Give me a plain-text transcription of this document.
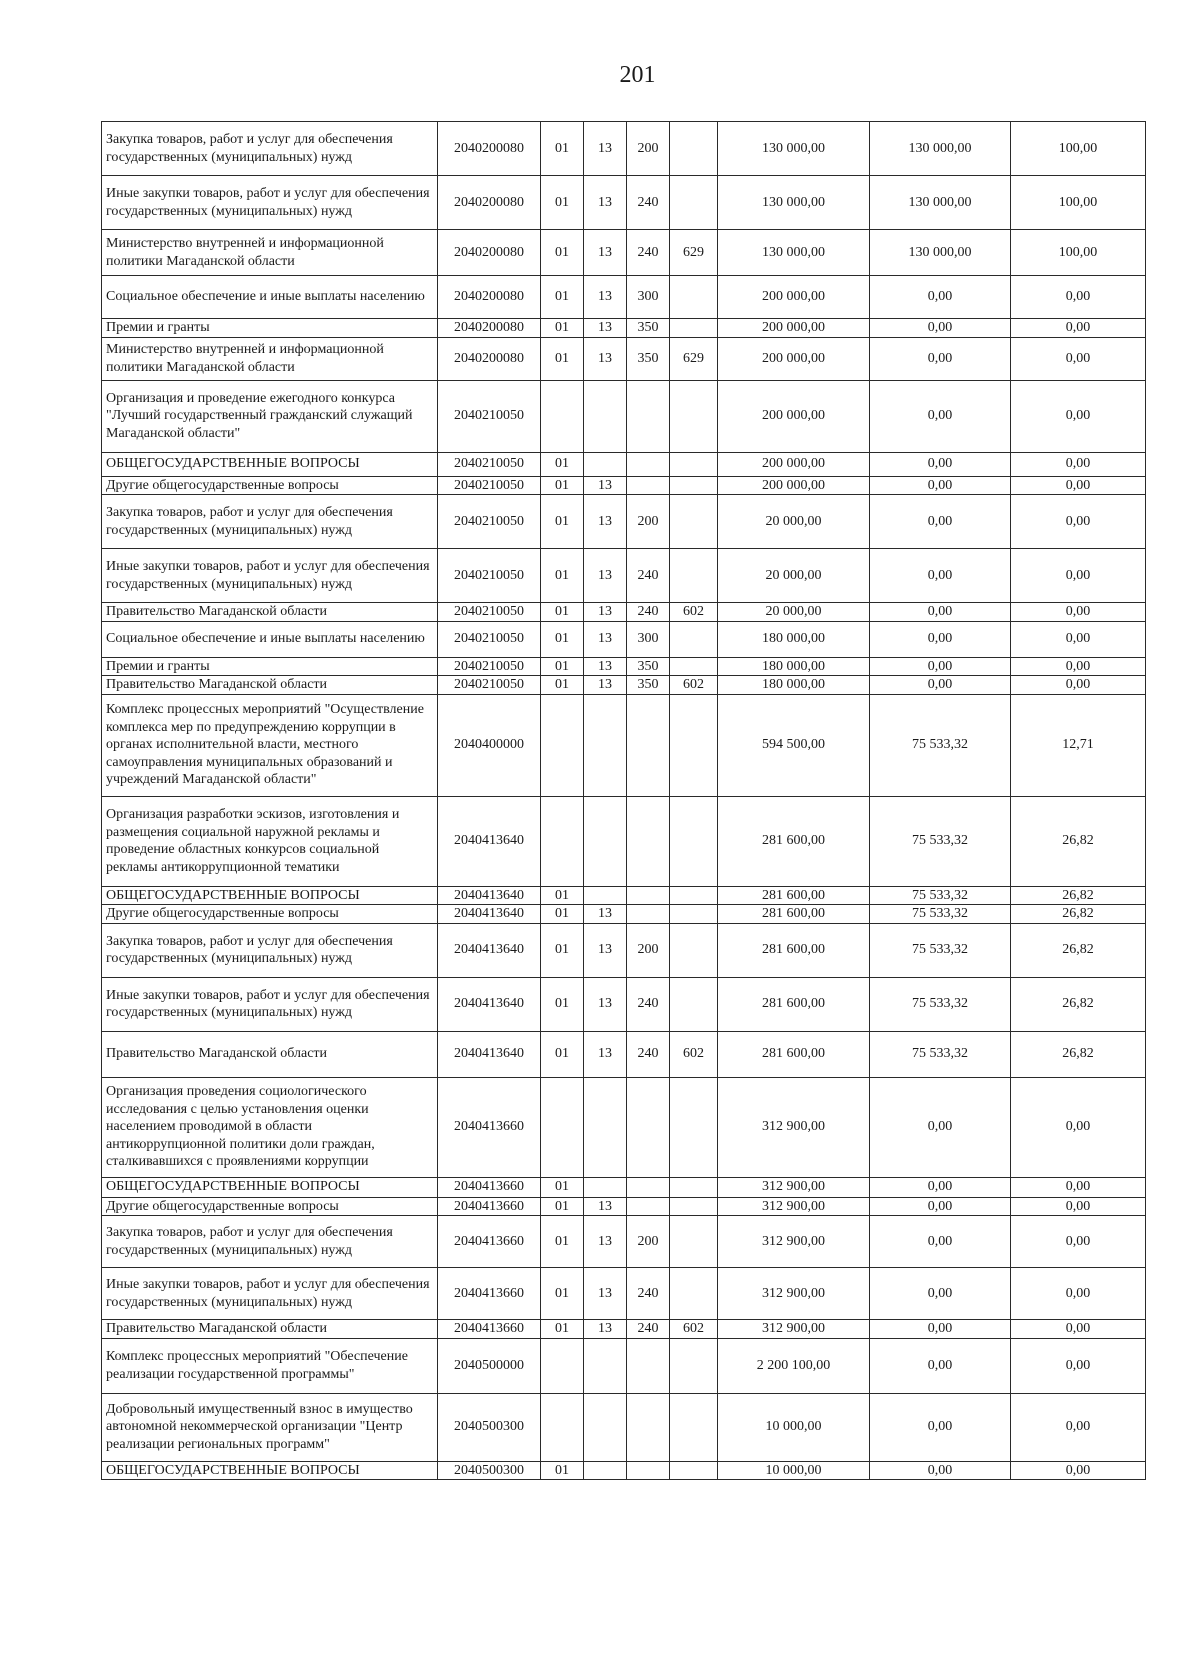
201
Закупка товаров, работ и услуг для обеспечения государственных (муниципальных) нужд	2040200080	01	13	200		130 000,00	130 000,00	100,00
Иные закупки товаров, работ и услуг для обеспечения государственных (муниципальных) нужд	2040200080	01	13	240		130 000,00	130 000,00	100,00
Министерство внутренней и информационной политики Магаданской области	2040200080	01	13	240	629	130 000,00	130 000,00	100,00
Социальное обеспечение и иные выплаты населению	2040200080	01	13	300		200 000,00	0,00	0,00
Премии и гранты	2040200080	01	13	350		200 000,00	0,00	0,00
Министерство внутренней и информационной политики Магаданской области	2040200080	01	13	350	629	200 000,00	0,00	0,00
Организация и проведение ежегодного конкурса "Лучший государственный гражданский служащий Магаданской области"	2040210050					200 000,00	0,00	0,00
ОБЩЕГОСУДАРСТВЕННЫЕ ВОПРОСЫ	2040210050	01				200 000,00	0,00	0,00
Другие общегосударственные вопросы	2040210050	01	13			200 000,00	0,00	0,00
Закупка товаров, работ и услуг для обеспечения государственных (муниципальных) нужд	2040210050	01	13	200		20 000,00	0,00	0,00
Иные закупки товаров, работ и услуг для обеспечения государственных (муниципальных) нужд	2040210050	01	13	240		20 000,00	0,00	0,00
Правительство Магаданской области	2040210050	01	13	240	602	20 000,00	0,00	0,00
Социальное обеспечение и иные выплаты населению	2040210050	01	13	300		180 000,00	0,00	0,00
Премии и гранты	2040210050	01	13	350		180 000,00	0,00	0,00
Правительство Магаданской области	2040210050	01	13	350	602	180 000,00	0,00	0,00
Комплекс процессных мероприятий "Осуществление комплекса мер по предупреждению коррупции в органах исполнительной власти, местного самоуправления муниципальных образований и учреждений Магаданской области"	2040400000					594 500,00	75 533,32	12,71
Организация разработки эскизов, изготовления и размещения социальной наружной рекламы и проведение областных конкурсов социальной рекламы антикоррупционной тематики	2040413640					281 600,00	75 533,32	26,82
ОБЩЕГОСУДАРСТВЕННЫЕ ВОПРОСЫ	2040413640	01				281 600,00	75 533,32	26,82
Другие общегосударственные вопросы	2040413640	01	13			281 600,00	75 533,32	26,82
Закупка товаров, работ и услуг для обеспечения государственных (муниципальных) нужд	2040413640	01	13	200		281 600,00	75 533,32	26,82
Иные закупки товаров, работ и услуг для обеспечения государственных (муниципальных) нужд	2040413640	01	13	240		281 600,00	75 533,32	26,82
Правительство Магаданской области	2040413640	01	13	240	602	281 600,00	75 533,32	26,82
Организация проведения социологического исследования с целью установления оценки населением проводимой в области антикоррупционной политики доли граждан, сталкивавшихся с проявлениями коррупции	2040413660					312 900,00	0,00	0,00
ОБЩЕГОСУДАРСТВЕННЫЕ ВОПРОСЫ	2040413660	01				312 900,00	0,00	0,00
Другие общегосударственные вопросы	2040413660	01	13			312 900,00	0,00	0,00
Закупка товаров, работ и услуг для обеспечения государственных (муниципальных) нужд	2040413660	01	13	200		312 900,00	0,00	0,00
Иные закупки товаров, работ и услуг для обеспечения государственных (муниципальных) нужд	2040413660	01	13	240		312 900,00	0,00	0,00
Правительство Магаданской области	2040413660	01	13	240	602	312 900,00	0,00	0,00
Комплекс процессных мероприятий "Обеспечение реализации государственной программы"	2040500000					2 200 100,00	0,00	0,00
Добровольный имущественный взнос в имущество автономной некоммерческой организации "Центр реализации региональных программ"	2040500300					10 000,00	0,00	0,00
ОБЩЕГОСУДАРСТВЕННЫЕ ВОПРОСЫ	2040500300	01				10 000,00	0,00	0,00
